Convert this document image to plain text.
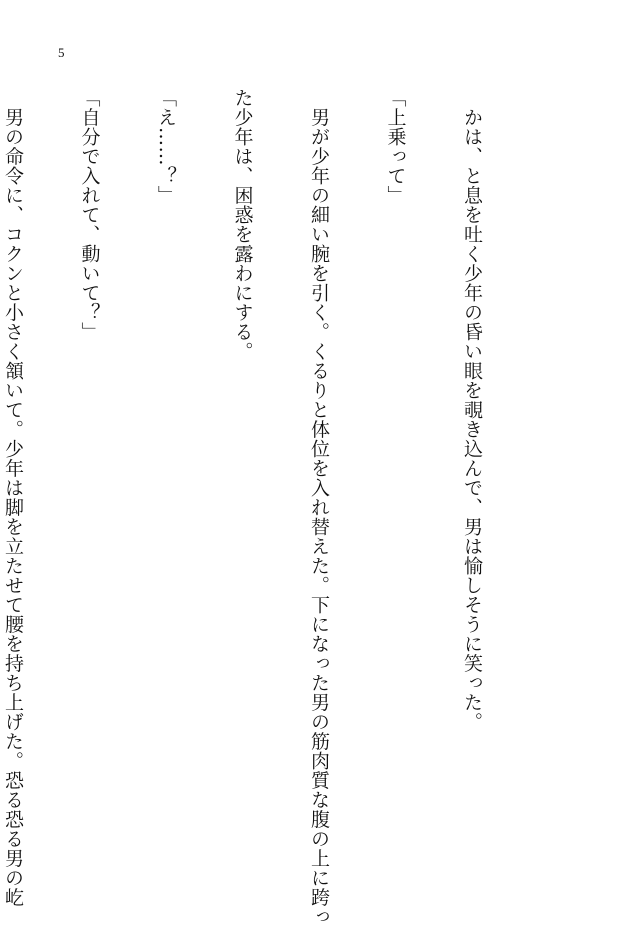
5

　かは、と息を吐く少年の昏い眼を覗き込んで、男は愉しそうに笑った。

「上乗って」

　男が少年の細い腕を引く。くるりと体位を入れ替えた。下になった男の筋肉質な腹の上に跨っ

た少年は、困惑を露わにする。

「え……？」

「自分で入れて、動いて？」

　男の命令に、コクンと小さく頷いて。少年は脚を立たせて腰を持ち上げた。恐る恐る男の屹
